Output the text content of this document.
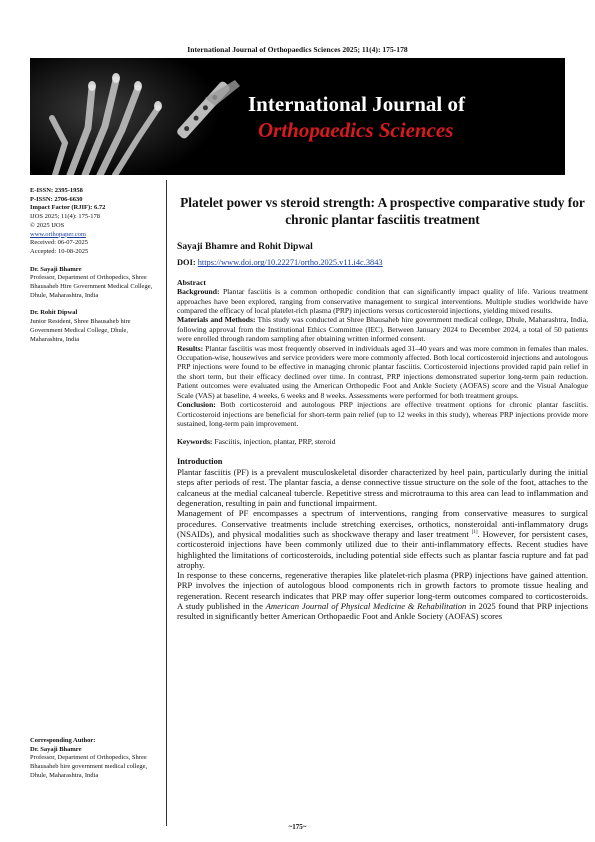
International Journal of Orthopaedics Sciences 2025; 11(4): 175-178
International Journal of
Orthopaedics Sciences
E-ISSN: 2395-1958
P-ISSN: 2706-6630
Impact Factor (RJIF): 6.72
IJOS 2025; 11(4): 175-178
© 2025 IJOS
www.orthopaper.com
Received: 06-07-2025
Accepted: 10-08-2025
Dr. Sayaji Bhamre
Professor, Department of Orthopedics, Shree Bhausaheb Hire Government Medical College, Dhule, Maharashtra, India
Dr. Rohit Dipwal
Junior Resident, Shree Bhausaheb hire Government Medical College, Dhule, Maharashtra, India
Platelet power vs steroid strength: A prospective comparative study for chronic plantar fasciitis treatment
Sayaji Bhamre and Rohit Dipwal
DOI: https://www.doi.org/10.22271/ortho.2025.v11.i4c.3843
Abstract

Background: Plantar fasciitis is a common orthopedic condition that can significantly impact quality of life. Various treatment approaches have been explored, ranging from conservative management to surgical interventions. Multiple studies worldwide have compared the efficacy of local platelet-rich plasma (PRP) injections versus corticosteroid injections, yielding mixed results.

Materials and Methods: This study was conducted at Shree Bhausaheb hire government medical college, Dhule, Maharashtra, India, following approval from the Institutional Ethics Committee (IEC). Between January 2024 to December 2024, a total of 50 patients were enrolled through random sampling after obtaining written informed consent.

Results: Plantar fasciitis was most frequently observed in individuals aged 31–40 years and was more common in females than males. Occupation-wise, housewives and service providers were more commonly affected. Both local corticosteroid injections and autologous PRP injections were found to be effective in managing chronic plantar fasciitis. Corticosteroid injections provided rapid pain relief in the short term, but their efficacy declined over time. In contrast, PRP injections demonstrated superior long-term pain reduction. Patient outcomes were evaluated using the American Orthopedic Foot and Ankle Society (AOFAS) score and the Visual Analogue Scale (VAS) at baseline, 4 weeks, 6 weeks and 8 weeks. Assessments were performed for both treatment groups.

Conclusion: Both corticosteroid and autologous PRP injections are effective treatment options for chronic plantar fasciitis. Corticosteroid injections are beneficial for short-term pain relief (up to 12 weeks in this study), whereas PRP injections provide more sustained, long-term pain improvement.

Keywords: Fasciitis, injection, plantar, PRP, steroid

Introduction

Plantar fasciitis (PF) is a prevalent musculoskeletal disorder characterized by heel pain, particularly during the initial steps after periods of rest. The plantar fascia, a dense connective tissue structure on the sole of the foot, attaches to the calcaneus at the medial calcaneal tubercle. Repetitive stress and microtrauma to this area can lead to inflammation and degeneration, resulting in pain and functional impairment.

Management of PF encompasses a spectrum of interventions, ranging from conservative measures to surgical procedures. Conservative treatments include stretching exercises, orthotics, nonsteroidal anti-inflammatory drugs (NSAIDs), and physical modalities such as shockwave therapy and laser treatment [1]. However, for persistent cases, corticosteroid injections have been commonly utilized due to their anti-inflammatory effects. Recent studies have highlighted the limitations of corticosteroids, including potential side effects such as plantar fascia rupture and fat pad atrophy.

In response to these concerns, regenerative therapies like platelet-rich plasma (PRP) injections have gained attention. PRP involves the injection of autologous blood components rich in growth factors to promote tissue healing and regeneration. Recent research indicates that PRP may offer superior long-term outcomes compared to corticosteroids. A study published in the American Journal of Physical Medicine & Rehabilitation in 2025 found that PRP injections resulted in significantly better American Orthopaedic Foot and Ankle Society (AOFAS) scores

Corresponding Author:
Dr. Sayaji Bhamre
Professor, Department of Orthopedics, Shree Bhausaheb hire government medical college, Dhule, Maharashtra, India
~175~
